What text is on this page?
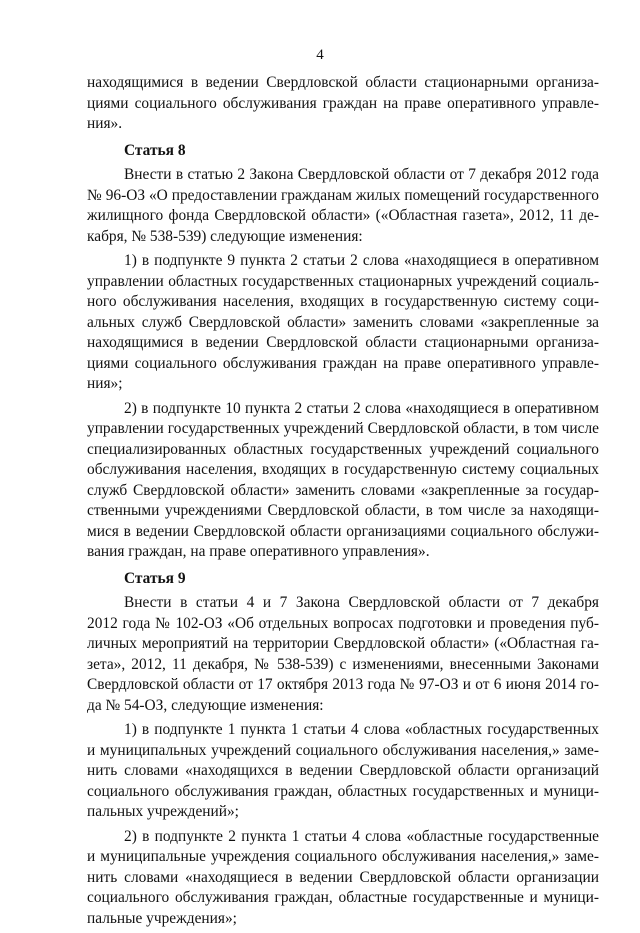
4
находящимися в ведении Свердловской области стационарными организа-
циями социального обслуживания граждан на праве оперативного управле-
ния».
Статья 8
Внести в статью 2 Закона Свердловской области от 7 декабря 2012 года
№ 96-ОЗ «О предоставлении гражданам жилых помещений государственного
жилищного фонда Свердловской области» («Областная газета», 2012, 11 де-
кабря, № 538-539) следующие изменения:
1) в подпункте 9 пункта 2 статьи 2 слова «находящиеся в оперативном
управлении областных государственных стационарных учреждений социаль-
ного обслуживания населения, входящих в государственную систему соци-
альных служб Свердловской области» заменить словами «закрепленные за
находящимися в ведении Свердловской области стационарными организа-
циями социального обслуживания граждан на праве оперативного управле-
ния»;
2) в подпункте 10 пункта 2 статьи 2 слова «находящиеся в оперативном
управлении государственных учреждений Свердловской области, в том числе
специализированных областных государственных учреждений социального
обслуживания населения, входящих в государственную систему социальных
служб Свердловской области» заменить словами «закрепленные за государ-
ственными учреждениями Свердловской области, в том числе за находящи-
мися в ведении Свердловской области организациями социального обслужи-
вания граждан, на праве оперативного управления».
Статья 9
Внести в статьи 4 и 7 Закона Свердловской области от 7 декабря
2012 года № 102-ОЗ «Об отдельных вопросах подготовки и проведения пуб-
личных мероприятий на территории Свердловской области» («Областная га-
зета», 2012, 11 декабря, № 538-539) с изменениями, внесенными Законами
Свердловской области от 17 октября 2013 года № 97-ОЗ и от 6 июня 2014 го-
да № 54-ОЗ, следующие изменения:
1) в подпункте 1 пункта 1 статьи 4 слова «областных государственных
и муниципальных учреждений социального обслуживания населения,» заме-
нить словами «находящихся в ведении Свердловской области организаций
социального обслуживания граждан, областных государственных и муници-
пальных учреждений»;
2) в подпункте 2 пункта 1 статьи 4 слова «областные государственные
и муниципальные учреждения социального обслуживания населения,» заме-
нить словами «находящиеся в ведении Свердловской области организации
социального обслуживания граждан, областные государственные и муници-
пальные учреждения»;
